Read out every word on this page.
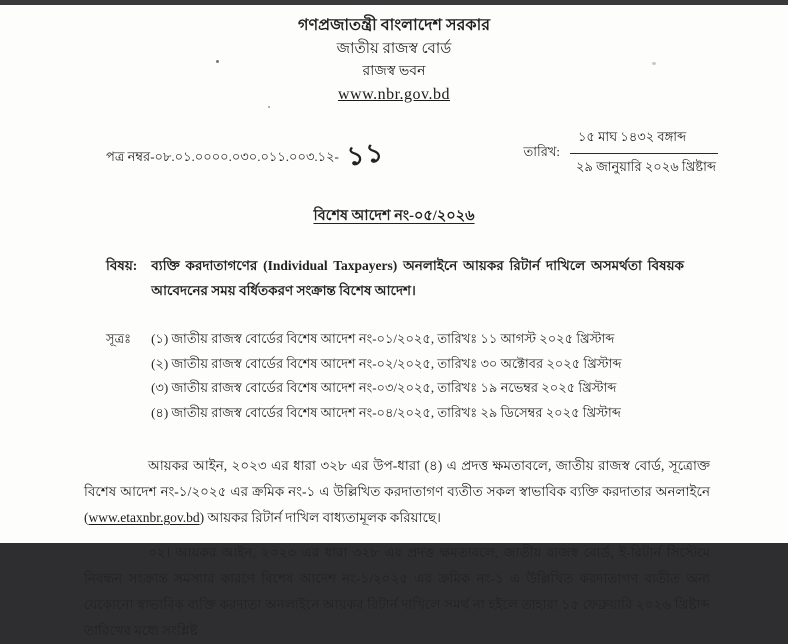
গণপ্রজাতন্ত্রী বাংলাদেশ সরকার
জাতীয় রাজস্ব বোর্ড
রাজস্ব ভবন
www.nbr.gov.bd
পত্র নম্বর-০৮.০১.০০০০.০৩০.০১১.০০৩.১২- ১১	তারিখ:
১৫ মাঘ ১৪৩২ বঙ্গাব্দ
২৯ জানুয়ারি ২০২৬ খ্রিষ্টাব্দ
বিশেষ আদেশ নং-০৫/২০২৬
বিষয়: ব্যক্তি করদাতাগণের (Individual Taxpayers) অনলাইনে আয়কর রিটার্ন দাখিলে অসমর্থতা বিষয়ক আবেদনের সময় বর্ধিতকরণ সংক্রান্ত বিশেষ আদেশ।

সূত্রঃ (১) জাতীয় রাজস্ব বোর্ডের বিশেষ আদেশ নং-০১/২০২৫, তারিখঃ ১১ আগস্ট ২০২৫ খ্রিস্টাব্দ
(২) জাতীয় রাজস্ব বোর্ডের বিশেষ আদেশ নং-০২/২০২৫, তারিখঃ ৩০ অক্টোবর ২০২৫ খ্রিস্টাব্দ
(৩) জাতীয় রাজস্ব বোর্ডের বিশেষ আদেশ নং-০৩/২০২৫, তারিখঃ ১৯ নভেম্বর ২০২৫ খ্রিস্টাব্দ
(৪) জাতীয় রাজস্ব বোর্ডের বিশেষ আদেশ নং-০৪/২০২৫, তারিখঃ ২৯ ডিসেম্বর ২০২৫ খ্রিস্টাব্দ

আয়কর আইন, ২০২৩ এর ধারা ৩২৮ এর উপ-ধারা (৪) এ প্রদত্ত ক্ষমতাবলে, জাতীয় রাজস্ব বোর্ড, সূত্রোক্ত বিশেষ আদেশ নং-১/২০২৫ এর ক্রমিক নং-১ এ উল্লিখিত করদাতাগণ ব্যতীত সকল স্বাভাবিক ব্যক্তি করদাতার অনলাইনে (www.etaxnbr.gov.bd) আয়কর রিটার্ন দাখিল বাধ্যতামূলক করিয়াছে।

০২। আয়কর আইন, ২০২৩ এর ধারা ৩২৮ এর প্রদত্ত ক্ষমতাবলে, জাতীয় রাজস্ব বোর্ড, ই-রিটার্ন সিস্টেমে নিবন্ধন সংক্রান্ত সমস্যার কারণে বিশেষ আদেশ নং-১/২০২৫ এর ক্রমিক নং-১ এ উল্লিখিত করদাতাগণ ব্যতীত অন্য যেকোনো স্বাভাবিক ব্যক্তি করদাতা অনলাইনে আয়কর রিটার্ন দাখিলে সমর্থ না হইলে তাহারা ১৫ ফেব্রুয়ারি ২০২৬ খ্রিষ্টাব্দ তারিখের মধ্যে সংশ্লিষ্ট
